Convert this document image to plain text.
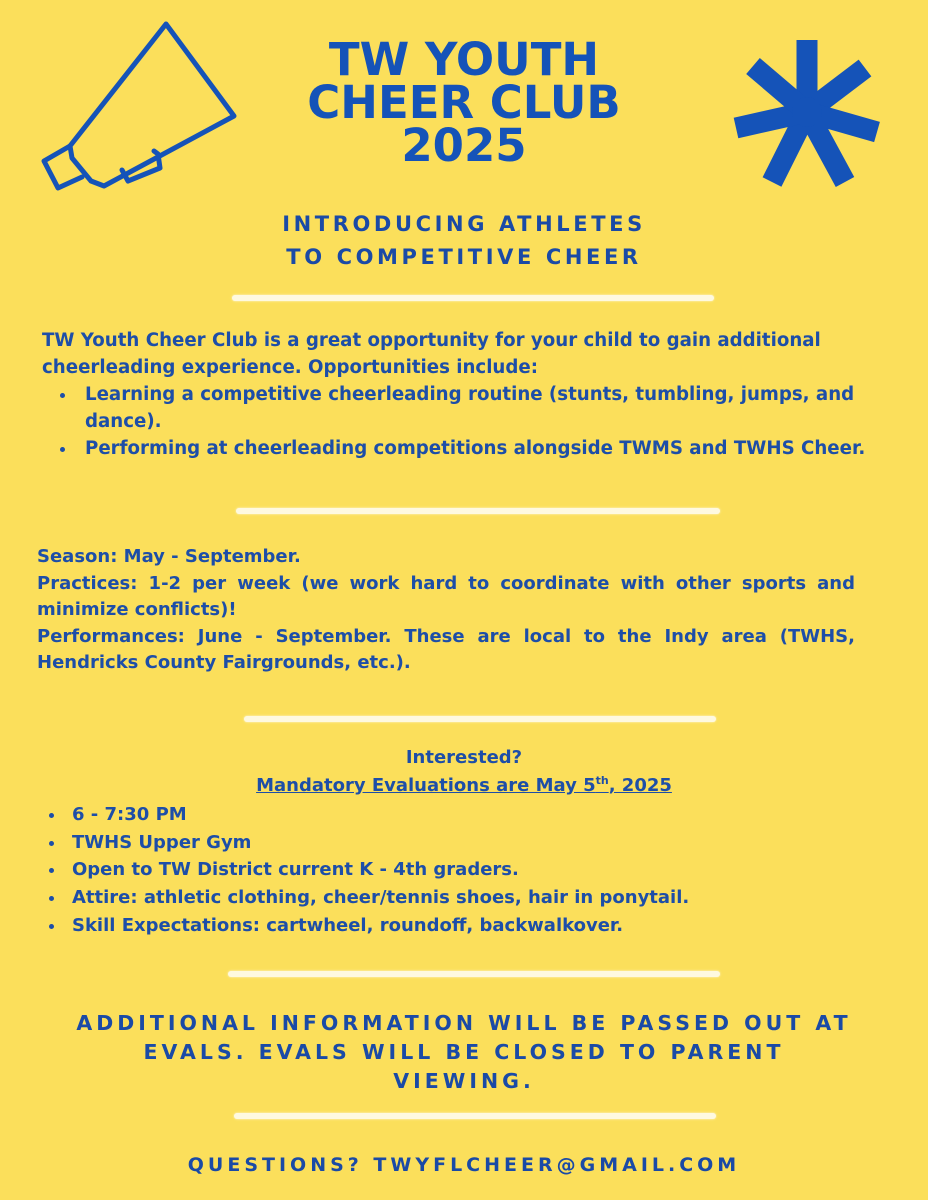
TW YOUTH
CHEER CLUB
2025
INTRODUCING ATHLETES
TO COMPETITIVE CHEER

TW Youth Cheer Club is a great opportunity for your child to gain additional cheerleading experience. Opportunities include:

• Learning a competitive cheerleading routine (stunts, tumbling, jumps, and dance).
• Performing at cheerleading competitions alongside TWMS and TWHS Cheer.

Season: May - September.

Practices: 1-2 per week (we work hard to coordinate with other sports and minimize conflicts)!

Performances: June - September. These are local to the Indy area (TWHS, Hendricks County Fairgrounds, etc.).

Interested?
Mandatory Evaluations are May 5th, 2025
• 6 - 7:30 PM
• TWHS Upper Gym
• Open to TW District current K - 4th graders.
• Attire: athletic clothing, cheer/tennis shoes, hair in ponytail.
• Skill Expectations: cartwheel, roundoff, backwalkover.
ADDITIONAL INFORMATION WILL BE PASSED OUT AT
EVALS. EVALS WILL BE CLOSED TO PARENT
VIEWING.
QUESTIONS? TWYFLCHEER@GMAIL.COM
